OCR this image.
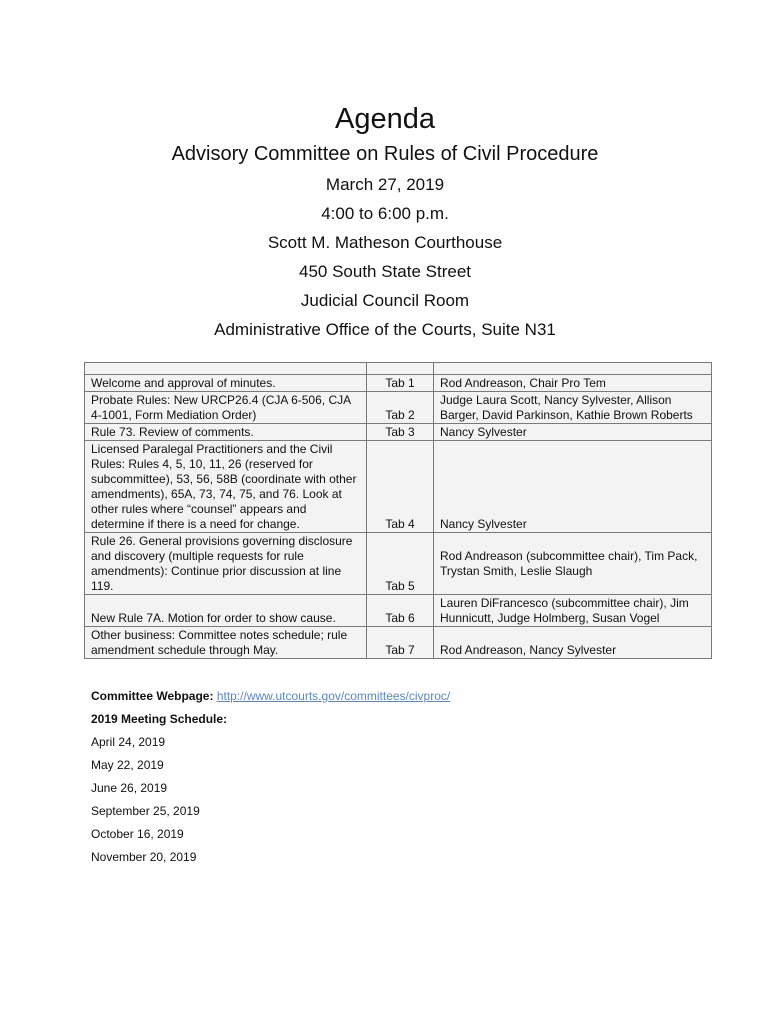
Agenda

Advisory Committee on Rules of Civil Procedure

March 27, 2019

4:00 to 6:00 p.m.

Scott M. Matheson Courthouse

450 South State Street

Judicial Council Room

Administrative Office of the Courts, Suite N31

Welcome and approval of minutes.	Tab 1	Rod Andreason, Chair Pro Tem
Probate Rules: New URCP26.4 (CJA 6-506, CJA 4-1001, Form Mediation Order)	Tab 2	Judge Laura Scott, Nancy Sylvester, Allison Barger, David Parkinson, Kathie Brown Roberts
Rule 73. Review of comments.	Tab 3	Nancy Sylvester
Licensed Paralegal Practitioners and the Civil Rules: Rules 4, 5, 10, 11, 26 (reserved for subcommittee), 53, 56, 58B (coordinate with other amendments), 65A, 73, 74, 75, and 76. Look at other rules where “counsel” appears and determine if there is a need for change.	Tab 4	Nancy Sylvester
Rule 26. General provisions governing disclosure and discovery (multiple requests for rule amendments): Continue prior discussion at line 119.	Tab 5	Rod Andreason (subcommittee chair), Tim Pack, Trystan Smith, Leslie Slaugh
New Rule 7A. Motion for order to show cause.	Tab 6	Lauren DiFrancesco (subcommittee chair), Jim Hunnicutt, Judge Holmberg, Susan Vogel
Other business: Committee notes schedule; rule amendment schedule through May.	Tab 7	Rod Andreason, Nancy Sylvester
Committee Webpage: http://www.utcourts.gov/committees/civproc/
2019 Meeting Schedule:
April 24, 2019
May 22, 2019
June 26, 2019
September 25, 2019
October 16, 2019
November 20, 2019
